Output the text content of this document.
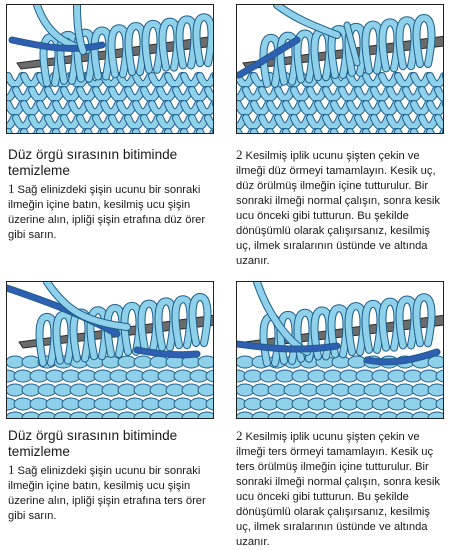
Düz örgü sırasının bitiminde temizleme

1 Sağ elinizdeki şişin ucunu bir sonraki ilmeğin içine batın, kesilmiş ucu şişin üzerine alın, ipliği şişin etrafına düz örer gibi sarın.

2 Kesilmiş iplik ucunu şişten çekin ve ilmeği düz örmeyi tamamlayın. Kesik uç, düz örülmüş ilmeğin içine tutturulur. Bir sonraki ilmeği normal çalışın, sonra kesik ucu önceki gibi tutturun. Bu şekilde dönüşümlü olarak çalışırsanız, kesilmiş uç, ilmek sıralarının üstünde ve altında uzanır.

Düz örgü sırasının bitiminde temizleme

1 Sağ elinizdeki şişin ucunu bir sonraki ilmeğin içine batın, kesilmiş ucu şişin üzerine alın, ipliği şişin etrafına ters örer gibi sarın.

2 Kesilmiş iplik ucunu şişten çekin ve ilmeği ters örmeyi tamamlayın. Kesik uç ters örülmüş ilmeğin içine tutturulur. Bir sonraki ilmeği normal çalışın, sonra kesik ucu önceki gibi tutturun. Bu şekilde dönüşümlü olarak çalışırsanız, kesilmiş uç, ilmek sıralarının üstünde ve altında uzanır.
